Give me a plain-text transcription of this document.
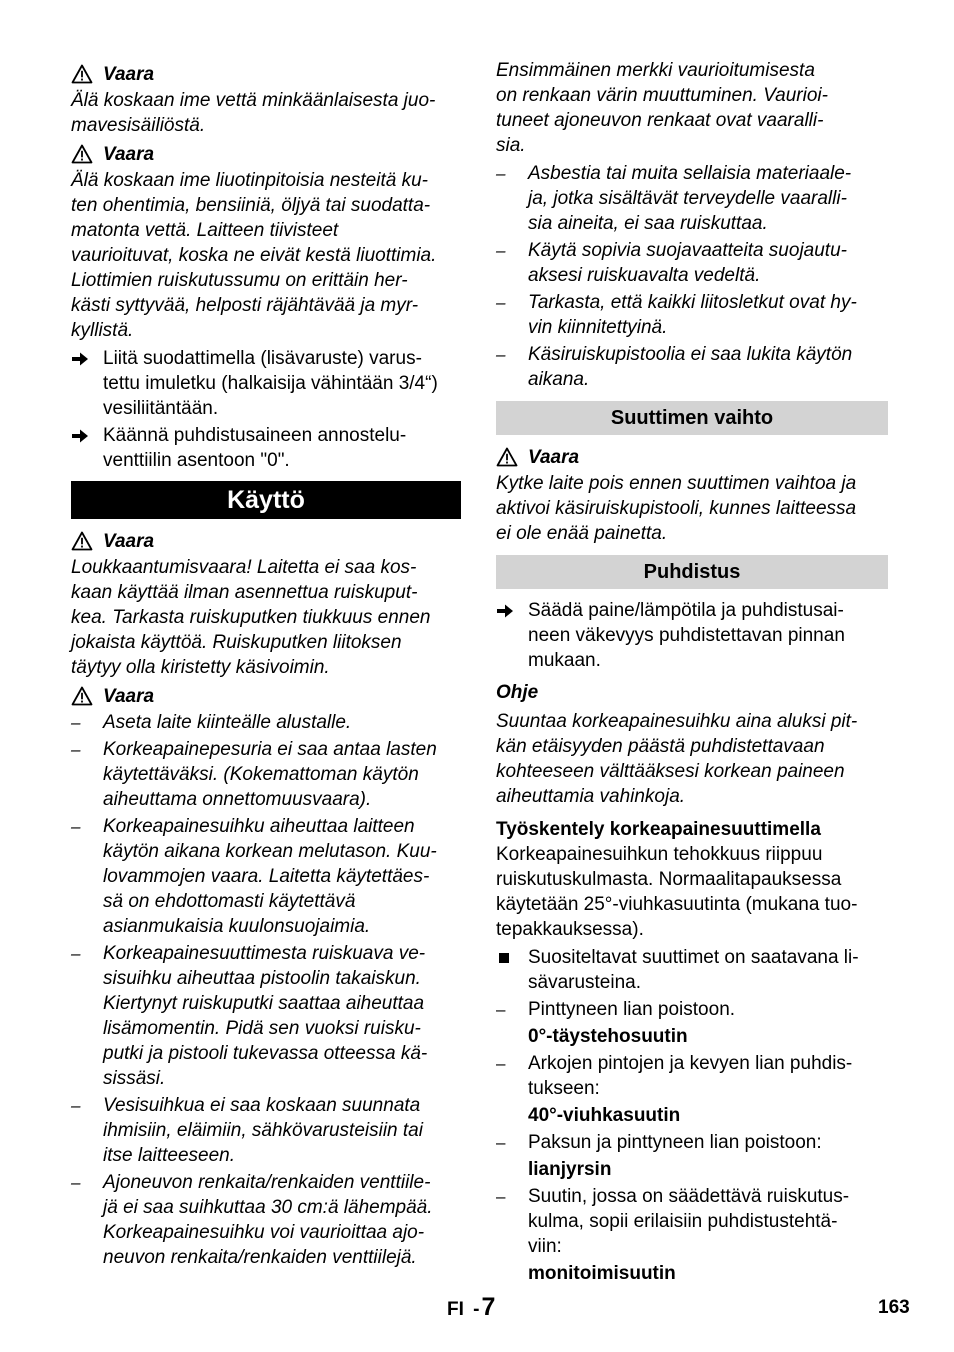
Vaara
Älä koskaan ime vettä minkäänlaisesta juo-
mavesisäiliöstä.
Vaara
Älä koskaan ime liuotinpitoisia nesteitä ku-
ten ohentimia, bensiiniä, öljyä tai suodatta-
matonta vettä. Laitteen tiivisteet
vaurioituvat, koska ne eivät kestä liuottimia.
Liottimien ruiskutussumu on erittäin her-
kästi syttyvää, helposti räjähtävää ja myr-
kyllistä.
Liitä suodattimella (lisävaruste) varus-
tettu imuletku (halkaisija vähintään 3/4“)
vesiliitäntään.
Käännä puhdistusaineen annostelu-
venttiilin asentoon "0".
Käyttö
Vaara
Loukkaantumisvaara! Laitetta ei saa kos-
kaan käyttää ilman asennettua ruiskuput-
kea. Tarkasta ruiskuputken tiukkuus ennen
jokaista käyttöä. Ruiskuputken liitoksen
täytyy olla kiristetty käsivoimin.
Vaara
–	Aseta laite kiinteälle alustalle.
–	Korkeapainepesuria ei saa antaa lasten
käytettäväksi. (Kokemattoman käytön
aiheuttama onnettomuusvaara).
–	Korkeapainesuihku aiheuttaa laitteen
käytön aikana korkean melutason. Kuu-
lovammojen vaara. Laitetta käytettäes-
sä on ehdottomasti käytettävä
asianmukaisia kuulonsuojaimia.
–	Korkeapainesuuttimesta ruiskuava ve-
sisuihku aiheuttaa pistoolin takaiskun.
Kiertynyt ruiskuputki saattaa aiheuttaa
lisämomentin. Pidä sen vuoksi ruisku-
putki ja pistooli tukevassa otteessa kä-
sissäsi.
–	Vesisuihkua ei saa koskaan suunnata
ihmisiin, eläimiin, sähkövarusteisiin tai
itse laitteeseen.
–	Ajoneuvon renkaita/renkaiden venttiile-
jä ei saa suihkuttaa 30 cm:ä lähempää.
Korkeapainesuihku voi vaurioittaa ajo-
neuvon renkaita/renkaiden venttiilejä.
Ensimmäinen merkki vaurioitumisesta
on renkaan värin muuttuminen. Vaurioi-
tuneet ajoneuvon renkaat ovat vaaralli-
sia.
–	Asbestia tai muita sellaisia materiaale-
ja, jotka sisältävät terveydelle vaaralli-
sia aineita, ei saa ruiskuttaa.
–	Käytä sopivia suojavaatteita suojautu-
aksesi ruiskuavalta vedeltä.
–	Tarkasta, että kaikki liitosletkut ovat hy-
vin kiinnitettyinä.
–	Käsiruiskupistoolia ei saa lukita käytön
aikana.
Suuttimen vaihto
Vaara
Kytke laite pois ennen suuttimen vaihtoa ja
aktivoi käsiruiskupistooli, kunnes laitteessa
ei ole enää painetta.
Puhdistus
Säädä paine/lämpötila ja puhdistusai-
neen väkevyys puhdistettavan pinnan
mukaan.
Ohje
Suuntaa korkeapainesuihku aina aluksi pit-
kän etäisyyden päästä puhdistettavaan
kohteeseen välttääksesi korkean paineen
aiheuttamia vahinkoja.
Työskentely korkeapainesuuttimella
Korkeapainesuihkun tehokkuus riippuu
ruiskutuskulmasta. Normaalitapauksessa
käytetään 25°-viuhkasuutinta (mukana tuo-
tepakkauksessa).
Suositeltavat suuttimet on saatavana li-
sävarusteina.
–	Pinttyneen lian poistoon.
0°-täystehosuutin
–	Arkojen pintojen ja kevyen lian puhdis-
tukseen:
40°-viuhkasuutin
–	Paksun ja pinttyneen lian poistoon:
lianjyrsin
–	Suutin, jossa on säädettävä ruiskutus-
kulma, sopii erilaisiin puhdistustehtä-
viin:
monitoimisuutin
FI -7	163
